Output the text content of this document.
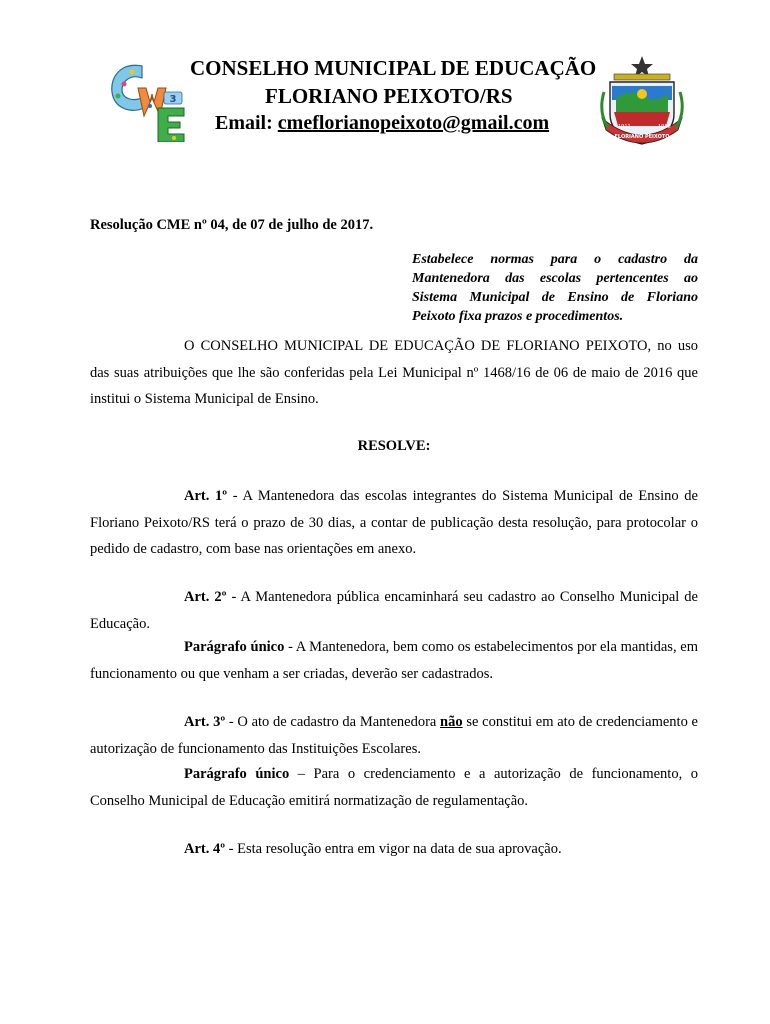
3
CONSELHO MUNICIPAL DE EDUCAÇÃO
FLORIANO PEIXOTO/RS
Email: cmeflorianopeixoto@gmail.com	1911	1988
FLORIANO PEIXOTO
Resolução CME nº 04, de 07 de julho de 2017.
Estabelece normas para o cadastro da Mantenedora das escolas pertencentes ao Sistema Municipal de Ensino de Floriano Peixoto fixa prazos e procedimentos.
O CONSELHO MUNICIPAL DE EDUCAÇÃO DE FLORIANO PEIXOTO, no uso das suas atribuições que lhe são conferidas pela Lei Municipal nº 1468/16 de 06 de maio de 2016 que institui o Sistema Municipal de Ensino.
RESOLVE:
Art. 1º - A Mantenedora das escolas integrantes do Sistema Municipal de Ensino de Floriano Peixoto/RS terá o prazo de 30 dias, a contar de publicação desta resolução, para protocolar o pedido de cadastro, com base nas orientações em anexo.
Art. 2º - A Mantenedora pública encaminhará seu cadastro ao Conselho Municipal de Educação.
Parágrafo único - A Mantenedora, bem como os estabelecimentos por ela mantidas, em funcionamento ou que venham a ser criadas, deverão ser cadastrados.
Art. 3º - O ato de cadastro da Mantenedora não se constitui em ato de credenciamento e autorização de funcionamento das Instituições Escolares.
Parágrafo único – Para o credenciamento e a autorização de funcionamento, o Conselho Municipal de Educação emitirá normatização de regulamentação.
Art. 4º - Esta resolução entra em vigor na data de sua aprovação.
